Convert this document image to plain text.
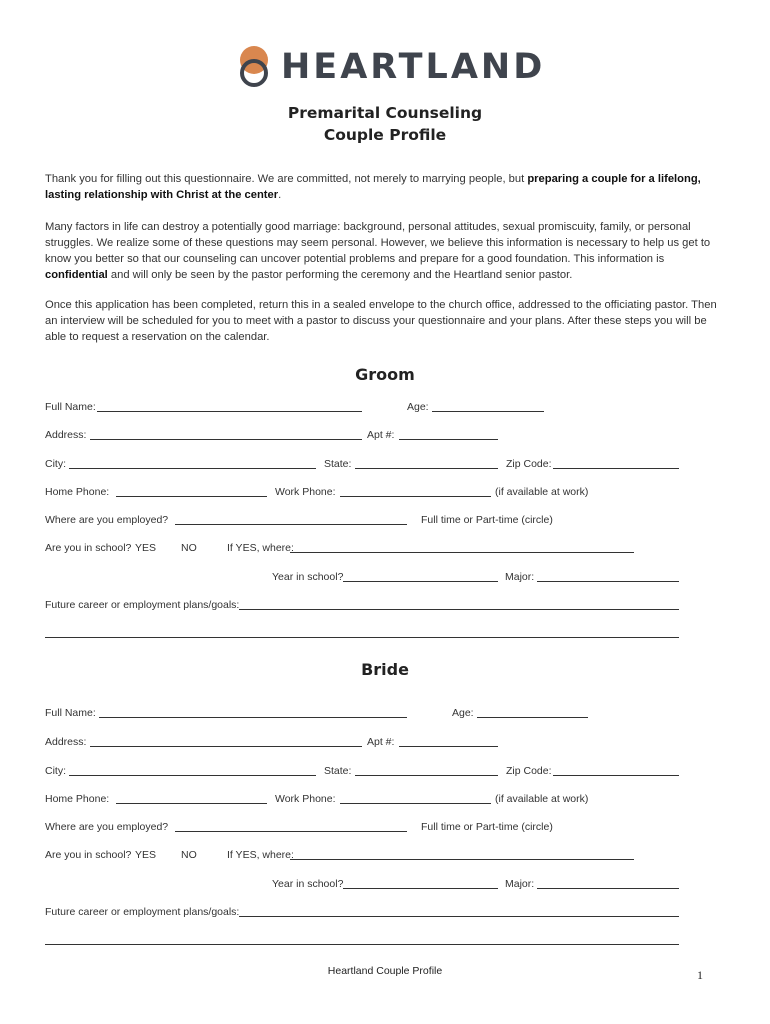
HEARTLAND
Premarital Counseling
Couple Profile

Thank you for filling out this questionnaire. We are committed, not merely to marrying people, but preparing a couple for a lifelong, lasting relationship with Christ at the center.

Many factors in life can destroy a potentially good marriage: background, personal attitudes, sexual promiscuity, family, or personal struggles. We realize some of these questions may seem personal. However, we believe this information is necessary to help us get to know you better so that our counseling can uncover potential problems and prepare for a good foundation. This information is confidential and will only be seen by the pastor performing the ceremony and the Heartland senior pastor.

Once this application has been completed, return this in a sealed envelope to the church office, addressed to the officiating pastor. Then an interview will be scheduled for you to meet with a pastor to discuss your questionnaire and your plans. After these steps you will be able to request a reservation on the calendar.

Groom
Full Name:	Age:
Address:	Apt #:
City:	State:	Zip Code:
Home Phone:	Work Phone:	(if available at work)
Where are you employed?	Full time or Part-time (circle)
Are you in school? YES NO	If YES, where:
Year in school?	Major:
Future career or employment plans/goals:
Bride
Full Name:	Age:
Address:	Apt #:
City:	State:	Zip Code:
Home Phone:	Work Phone:	(if available at work)
Where are you employed?	Full time or Part-time (circle)
Are you in school? YES NO	If YES, where:
Year in school?	Major:
Future career or employment plans/goals:
Heartland Couple Profile	1
